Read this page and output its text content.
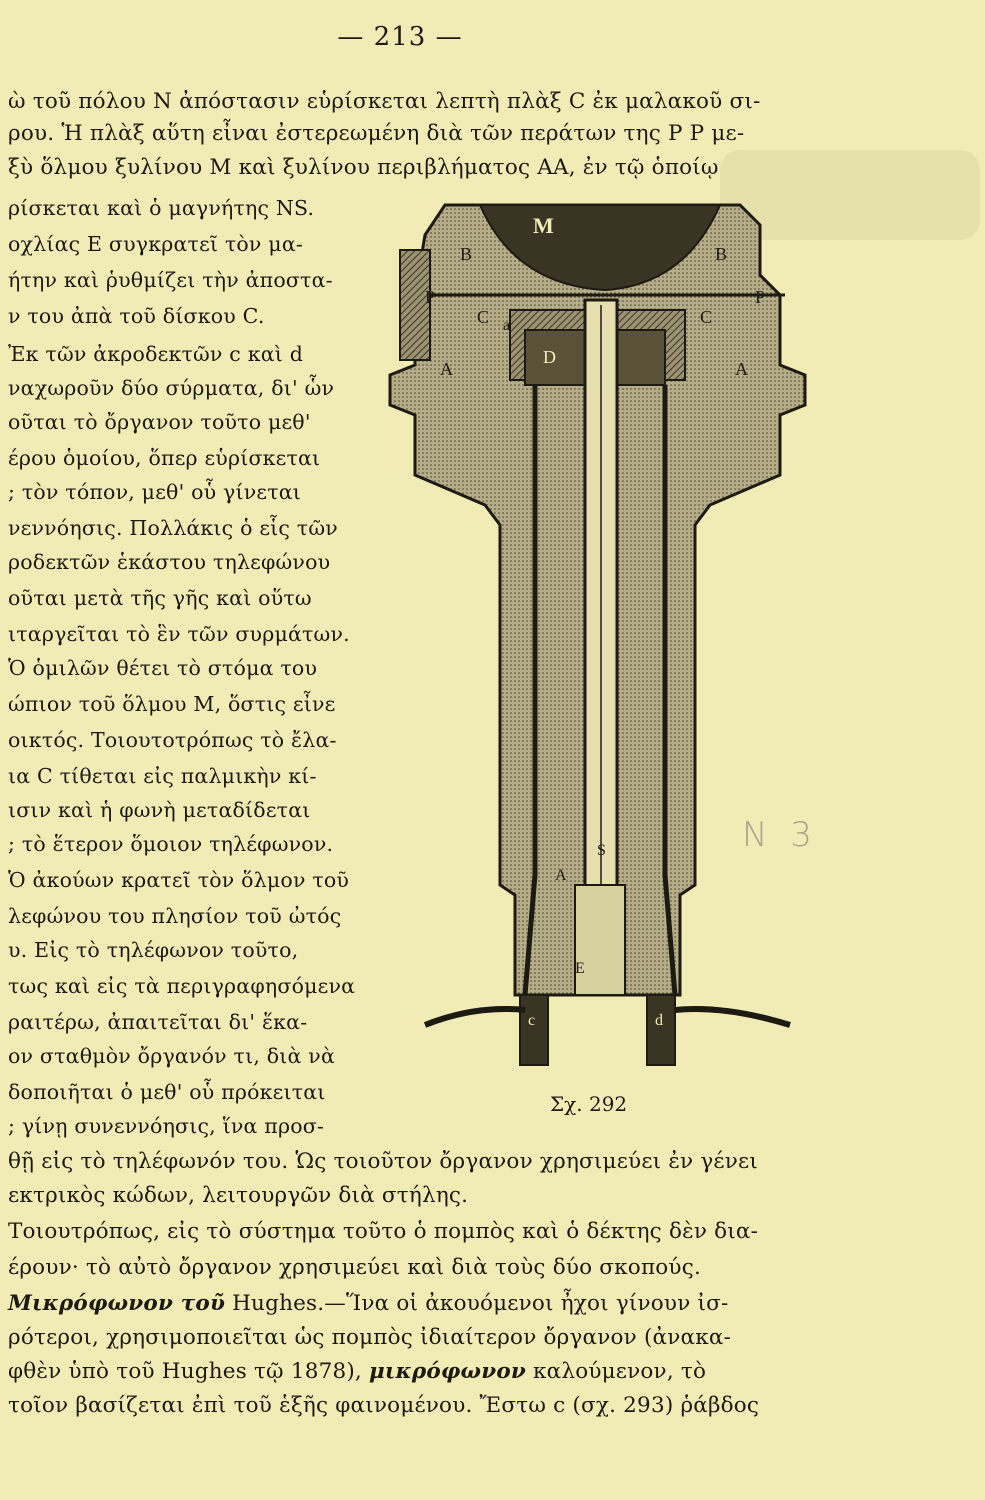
— 213 —
ὼ τοῦ πόλου Ν ἀπόστασιν εὑρίσκεται λεπτὴ πλὰξ C ἐκ μαλακοῦ σι-
ρου. Ἡ πλὰξ αὕτη εἶναι ἐστερεωμένη διὰ τῶν περάτων της P P με-
ξὺ ὅλμου ξυλίνου Μ καὶ ξυλίνου περιβλήματος ΑΑ, ἐν τῷ ὁποίῳ
ρίσκεται καὶ ὁ μαγνήτης NS.
οχλίας Ε συγκρατεῖ τὸν μα-
ήτην καὶ ῥυθμίζει τὴν ἀποστα-
ν του ἀπὰ τοῦ δίσκου C.
Ἐκ τῶν ἀκροδεκτῶν c καὶ d
ναχωροῦν δύο σύρματα, δι' ὧν
οῦται τὸ ὄργανον τοῦτο μεθ'
έρου ὁμοίου, ὅπερ εὑρίσκεται
; τὸν τόπον, μεθ' οὗ γίνεται
νεννόησις. Πολλάκις ὁ εἷς τῶν
ροδεκτῶν ἑκάστου τηλεφώνου
οῦται μετὰ τῆς γῆς καὶ οὕτω
ιταργεῖται τὸ ἓν τῶν συρμάτων.
Ὁ ὁμιλῶν θέτει τὸ στόμα του
ώπιον τοῦ ὅλμου Μ, ὅστις εἶνε
οικτός. Τοιουτοτρόπως τὸ ἔλα-
ια C τίθεται εἰς παλμικὴν κί-
ισιν καὶ ἡ φωνὴ μεταδίδεται
; τὸ ἕτερον ὅμοιον τηλέφωνον.
Ὁ ἀκούων κρατεῖ τὸν ὅλμον τοῦ
λεφώνου του πλησίον τοῦ ὠτός
υ. Εἰς τὸ τηλέφωνον τοῦτο,
τως καὶ εἰς τὰ περιγραφησόμενα
ραιτέρω, ἀπαιτεῖται δι' ἕκα-
ον σταθμὸν ὄργανόν τι, διὰ νὰ
δοποιῆται ὁ μεθ' οὗ πρόκειται
; γίνῃ συνεννόησις, ἵνα προσ-
θῇ εἰς τὸ τηλέφωνόν του. Ὡς τοιοῦτον ὄργανον χρησιμεύει ἐν γένει
εκτρικὸς κώδων, λειτουργῶν διὰ στήλης.
Τοιουτρόπως, εἰς τὸ σύστημα τοῦτο ὁ πομπὸς καὶ ὁ δέκτης δὲν δια-
έρουν· τὸ αὐτὸ ὄργανον χρησιμεύει καὶ διὰ τοὺς δύο σκοπούς.
Μικρόφωνον τοῦ Hughes.—Ἵνα οἱ ἀκουόμενοι ἦχοι γίνουν ἰσ-
ρότεροι, χρησιμοποιεῖται ὡς πομπὸς ἰδιαίτερον ὄργανον (ἀνακα-
φθὲν ὑπὸ τοῦ Hughes τῷ 1878), μικρόφωνον καλούμενον, τὸ
τοῖον βασίζεται ἐπὶ τοῦ ἑξῆς φαινομένου. Ἔστω c (σχ. 293) ῥάβδος
M
B	B
P	P
C	C
a
D
A	A
S
A
E
c	d
Σχ. 292
N 3
